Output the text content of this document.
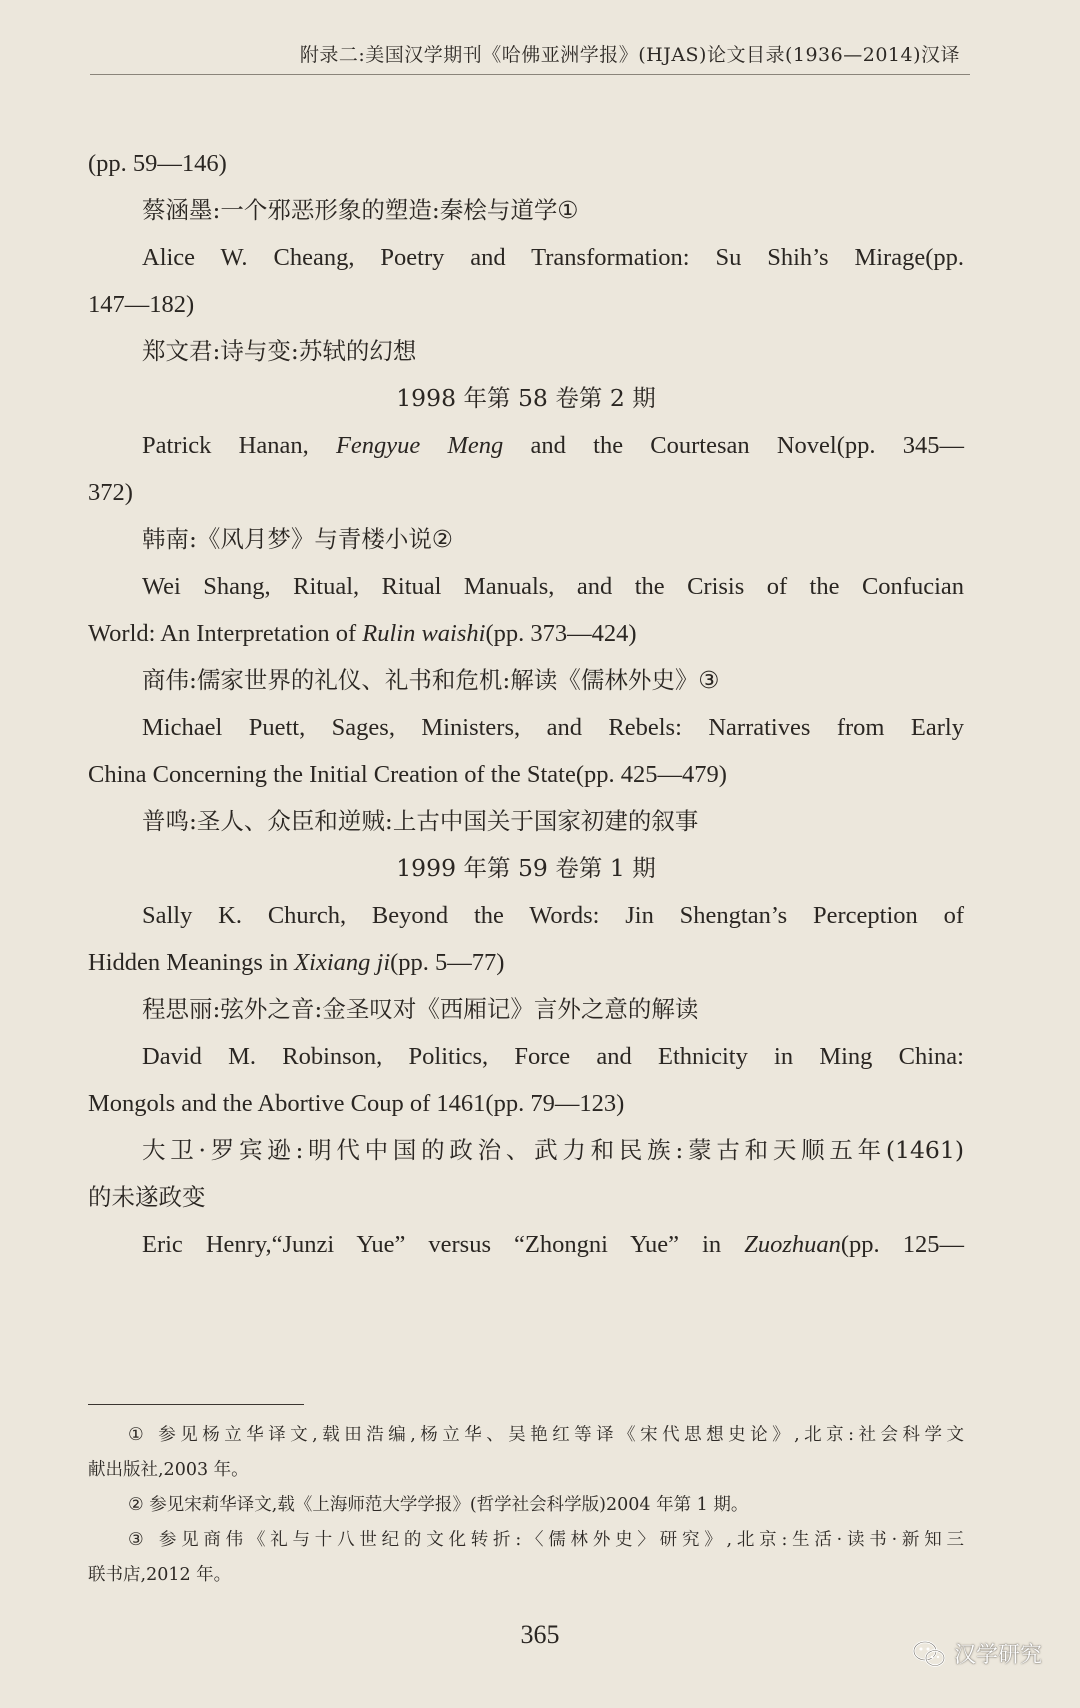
附录二:美国汉学期刊《哈佛亚洲学报》(HJAS)论文目录(1936—2014)汉译

(pp. 59—146)

蔡涵墨:一个邪恶形象的塑造:秦桧与道学①

Alice W. Cheang, Poetry and Transformation: Su Shih’s Mirage(pp.

147—182)

郑文君:诗与变:苏轼的幻想

1998 年第 58 卷第 2 期

Patrick Hanan, Fengyue Meng and the Courtesan Novel(pp. 345—

372)

韩南:《风月梦》与青楼小说②

Wei Shang, Ritual, Ritual Manuals, and the Crisis of the Confucian

World: An Interpretation of Rulin waishi(pp. 373—424)

商伟:儒家世界的礼仪、礼书和危机:解读《儒林外史》③

Michael Puett, Sages, Ministers, and Rebels: Narratives from Early

China Concerning the Initial Creation of the State(pp. 425—479)

普鸣:圣人、众臣和逆贼:上古中国关于国家初建的叙事

1999 年第 59 卷第 1 期

Sally K. Church, Beyond the Words: Jin Shengtan’s Perception of

Hidden Meanings in Xixiang ji(pp. 5—77)

程思丽:弦外之音:金圣叹对《西厢记》言外之意的解读

David M. Robinson, Politics, Force and Ethnicity in Ming China:

Mongols and the Abortive Coup of 1461(pp. 79—123)

大卫·罗宾逊:明代中国的政治、武力和民族:蒙古和天顺五年(1461)

的未遂政变

Eric Henry,“Junzi Yue” versus “Zhongni Yue” in Zuozhuan(pp. 125—

① 参见杨立华译文,载田浩编,杨立华、吴艳红等译《宋代思想史论》,北京:社会科学文

献出版社,2003 年。

② 参见宋莉华译文,载《上海师范大学学报》(哲学社会科学版)2004 年第 1 期。

③ 参见商伟《礼与十八世纪的文化转折:〈儒林外史〉研究》,北京:生活·读书·新知三

联书店,2012 年。

365
汉学研究
